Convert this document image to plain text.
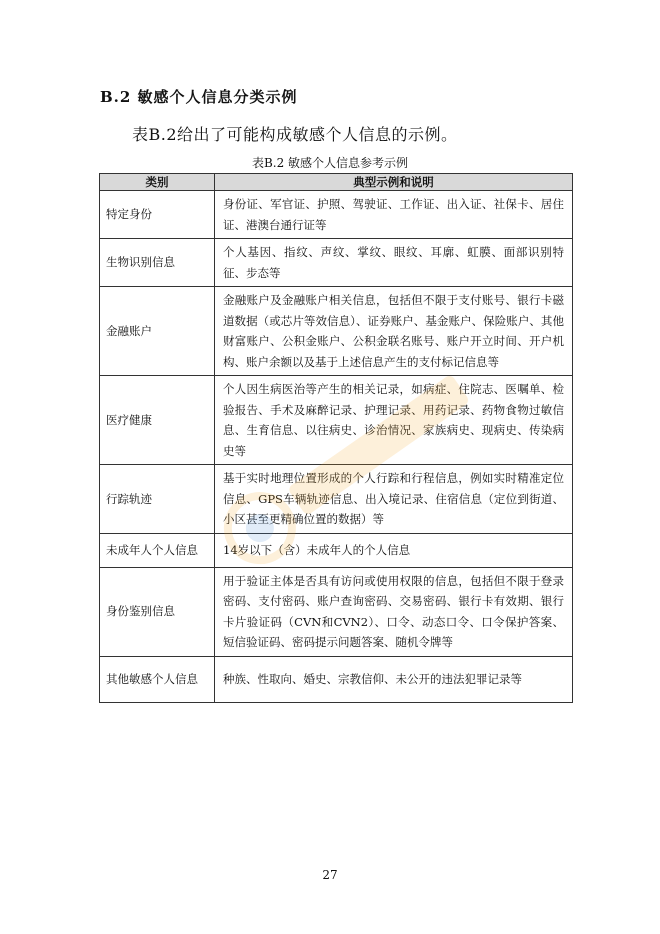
B.2 敏感个人信息分类示例
表B.2给出了可能构成敏感个人信息的示例。
表B.2 敏感个人信息参考示例
类别	典型示例和说明
特定身份	身份证、军官证、护照、驾驶证、工作证、出入证、社保卡、居住证、港澳台通行证等
生物识别信息	个人基因、指纹、声纹、掌纹、眼纹、耳廓、虹膜、面部识别特征、步态等
金融账户	金融账户及金融账户相关信息，包括但不限于支付账号、银行卡磁道数据（或芯片等效信息）、证券账户、基金账户、保险账户、其他财富账户、公积金账户、公积金联名账号、账户开立时间、开户机构、账户余额以及基于上述信息产生的支付标记信息等
医疗健康	个人因生病医治等产生的相关记录，如病症、住院志、医嘱单、检验报告、手术及麻醉记录、护理记录、用药记录、药物食物过敏信息、生育信息、以往病史、诊治情况、家族病史、现病史、传染病史等
行踪轨迹	基于实时地理位置形成的个人行踪和行程信息，例如实时精准定位信息、GPS车辆轨迹信息、出入境记录、住宿信息（定位到街道、小区甚至更精确位置的数据）等
未成年人个人信息	14岁以下（含）未成年人的个人信息
身份鉴别信息	用于验证主体是否具有访问或使用权限的信息，包括但不限于登录密码、支付密码、账户查询密码、交易密码、银行卡有效期、银行卡片验证码（CVN和CVN2）、口令、动态口令、口令保护答案、短信验证码、密码提示问题答案、随机令牌等
其他敏感个人信息	种族、性取向、婚史、宗教信仰、未公开的违法犯罪记录等
27
